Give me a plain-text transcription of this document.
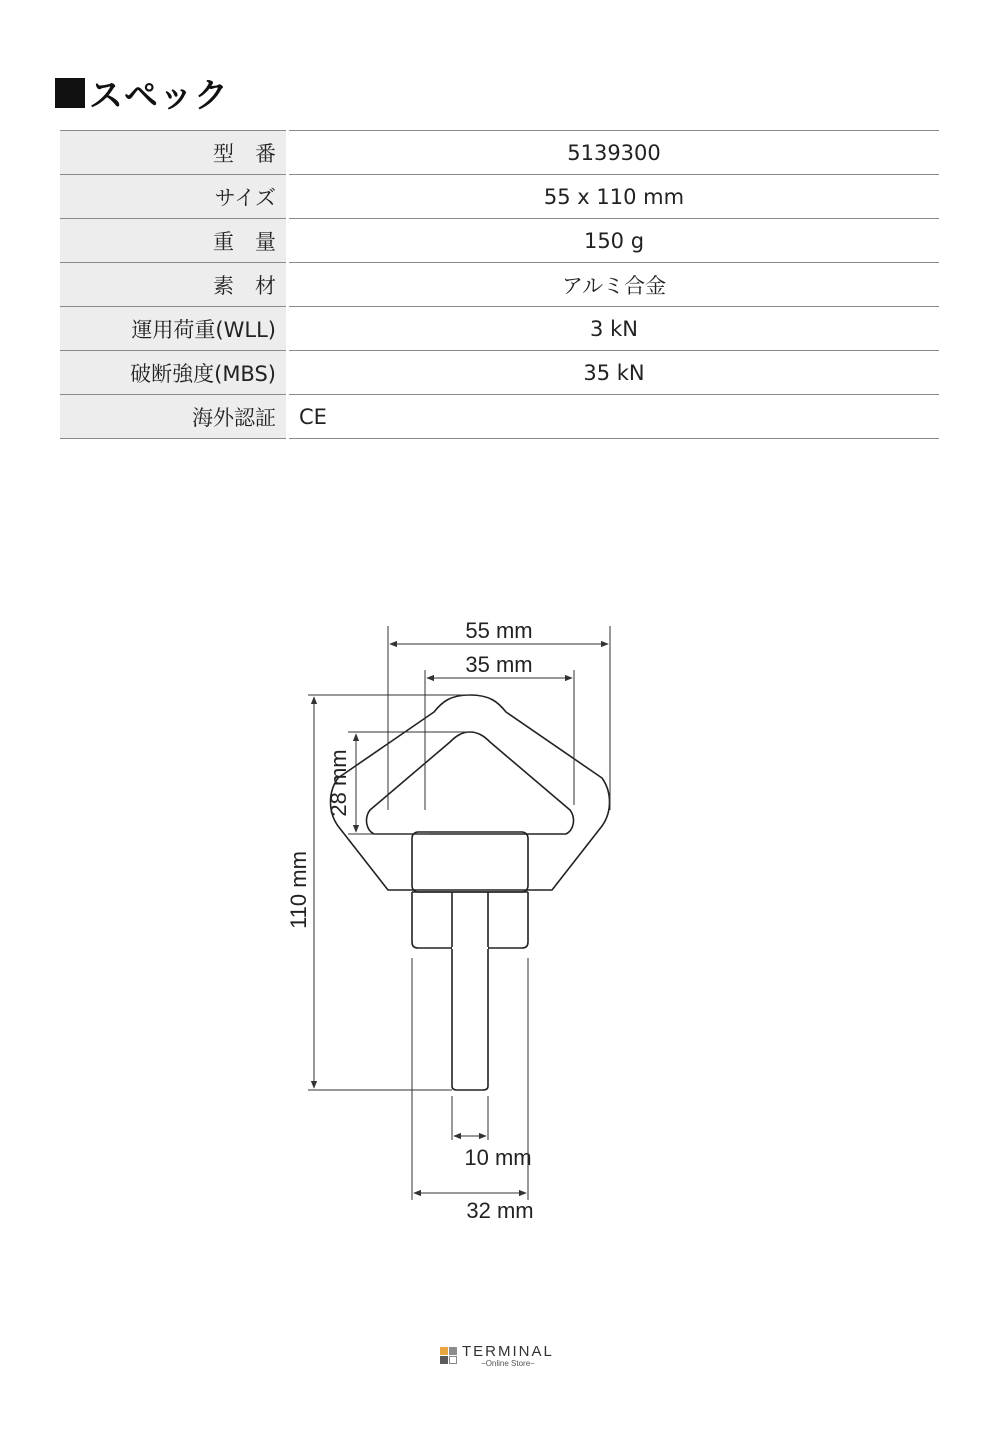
スペック
型　番	5139300
サイズ	55 x 110 mm
重　量	150 g
素　材	アルミ合金
運用荷重(WLL)	3 kN
破断強度(MBS)	35 kN
海外認証	CE
55 mm
35 mm
28 mm
110 mm
10 mm
32 mm
TERMINAL
−Online Store−
